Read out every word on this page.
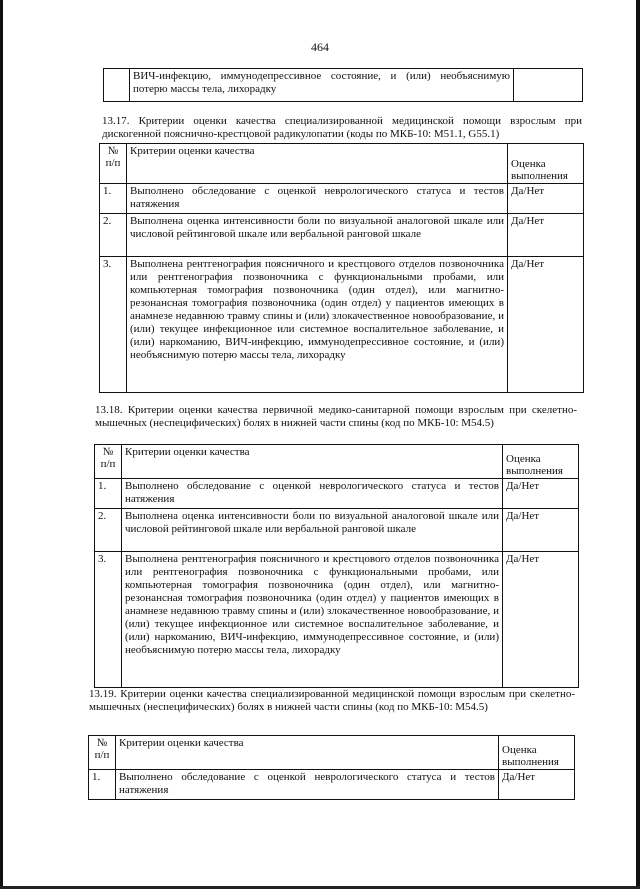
464
	ВИЧ-инфекцию, иммунодепрессивное состояние, и (или) необъяснимую потерю массы тела, лихорадку
13.17. Критерии оценки качества специализированной медицинской помощи взрослым при дискогенной пояснично-крестцовой радикулопатии (коды по МКБ-10: M51.1, G55.1)
№ п/п	Критерии оценки качества	Оценка выполнения

1.	Выполнено обследование с оценкой неврологического статуса и тестов натяжения	Да/Нет
2.	Выполнена оценка интенсивности боли по визуальной аналоговой шкале или числовой рейтинговой шкале или вербальной ранговой шкале	Да/Нет
3.	Выполнена рентгенография поясничного и крестцового отделов позвоночника или рентгенография позвоночника с функциональными пробами, или компьютерная томография позвоночника (один отдел), или магнитно-резонансная томография позвоночника (один отдел) у пациентов имеющих в анамнезе недавнюю травму спины и (или) злокачественное новообразование, и (или) текущее инфекционное или системное воспалительное заболевание, и (или) наркоманию, ВИЧ-инфекцию, иммунодепрессивное состояние, и (или) необъяснимую потерю массы тела, лихорадку	Да/Нет
13.18. Критерии оценки качества первичной медико-санитарной помощи взрослым при скелетно-мышечных (неспецифических) болях в нижней части спины (код по МКБ-10: M54.5)
№ п/п	Критерии оценки качества	Оценка выполнения

1.	Выполнено обследование с оценкой неврологического статуса и тестов натяжения	Да/Нет
2.	Выполнена оценка интенсивности боли по визуальной аналоговой шкале или числовой рейтинговой шкале или вербальной ранговой шкале	Да/Нет
3.	Выполнена рентгенография поясничного и крестцового отделов позвоночника или рентгенография позвоночника с функциональными пробами, или компьютерная томография позвоночника (один отдел), или магнитно-резонансная томография позвоночника (один отдел) у пациентов имеющих в анамнезе недавнюю травму спины и (или) злокачественное новообразование, и (или) текущее инфекционное или системное воспалительное заболевание, и (или) наркоманию, ВИЧ-инфекцию, иммунодепрессивное состояние, и (или) необъяснимую потерю массы тела, лихорадку	Да/Нет
13.19. Критерии оценки качества специализированной медицинской помощи взрослым при скелетно-мышечных (неспецифических) болях в нижней части спины (код по МКБ-10: M54.5)
№ п/п	Критерии оценки качества	Оценка выполнения

1.	Выполнено обследование с оценкой неврологического статуса и тестов натяжения	Да/Нет
